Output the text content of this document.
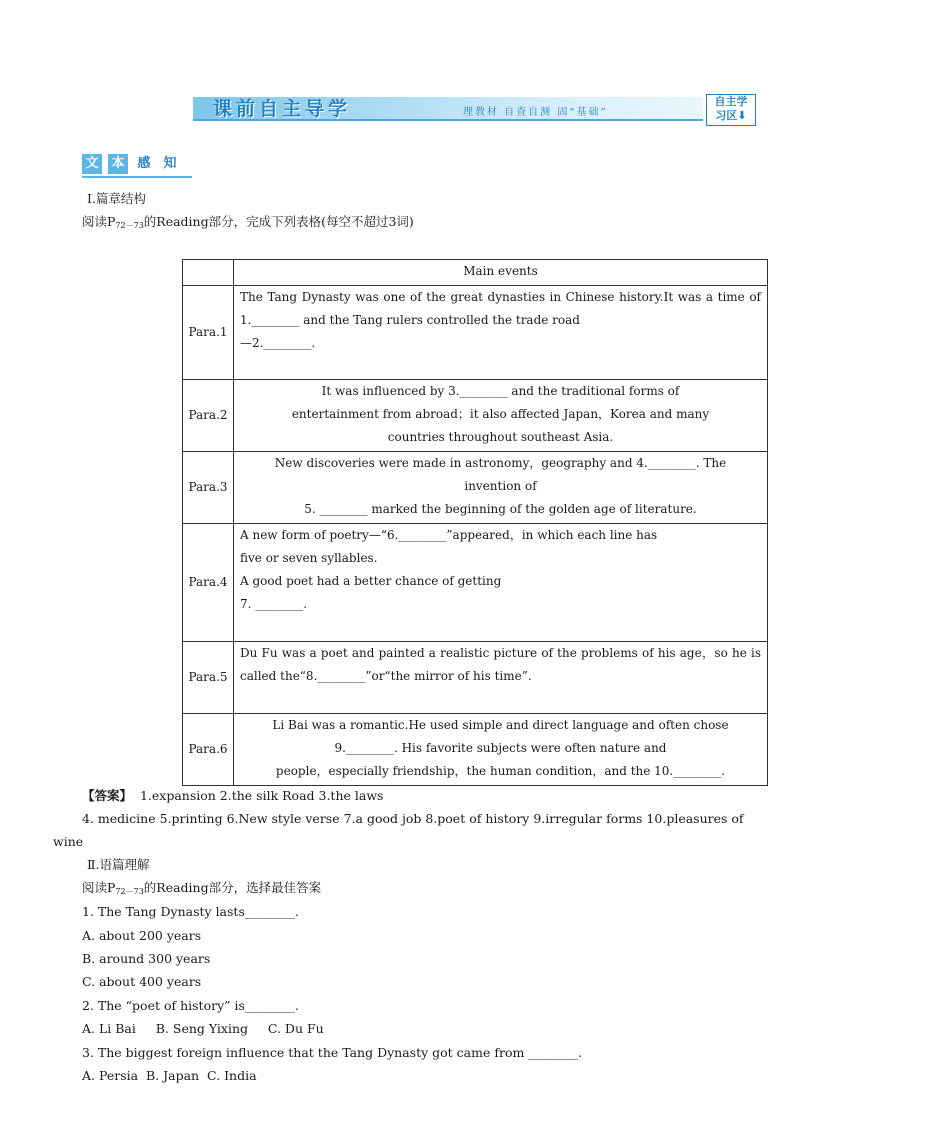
课前自主导学	理教材 自查自测 固“基础”
自主学
习区⬇
文 本 感 知
Ⅰ.篇章结构
阅读$P_{72-73}$的Reading部分，完成下列表格(每空不超过3词)
	Main events
Para.1	The Tang Dynasty was one of the great dynasties in Chinese history.It was a time of 1.________ and the Tang rulers controlled the trade road
—2.________.

Para.2	It was influenced by 3.________ and the traditional forms of
entertainment from abroad；it also affected Japan，Korea and many
countries throughout southeast Asia.

Para.3	New discoveries were made in astronomy，geography and 4.________. The
invention of
5. ________ marked the beginning of the golden age of literature.

Para.4	A new form of poetry—“6.________”appeared，in which each line has
five or seven syllables.
A good poet had a better chance of getting
7. ________.

Para.5	Du Fu was a poet and painted a realistic picture of the problems of his age，so he is called the“8.________”or“the mirror of his time”.

Para.6	Li Bai was a romantic.He used simple and direct language and often chose
9.________. His favorite subjects were often nature and
people，especially friendship，the human condition，and the 10.________.
【答案】 1.expansion 2.the silk Road 3.the laws
4. medicine 5.printing 6.New style verse 7.a good job 8.poet of history 9.irregular forms 10.pleasures of
wine
Ⅱ.语篇理解
阅读$P_{72-73}$的Reading部分，选择最佳答案
1. The Tang Dynasty lasts________.
A. about 200 years
B. around 300 years
C. about 400 years
2. The “poet of history” is________.
A. Li Bai     B. Seng Yixing     C. Du Fu
3. The biggest foreign influence that the Tang Dynasty got came from ________.
A. Persia  B. Japan  C. India
